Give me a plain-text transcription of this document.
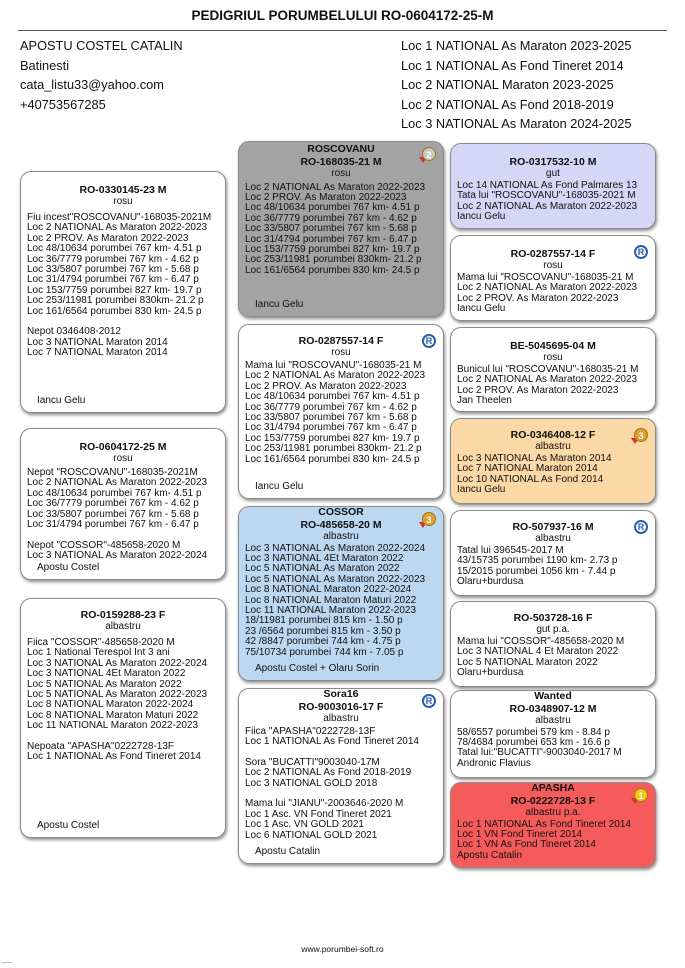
PEDIGRIUL PORUMBELULUI RO-0604172-25-M
APOSTU COSTEL CATALIN
Batinesti
cata_listu33@yahoo.com
+40753567285
Loc 1 NATIONAL As Maraton 2023-2025
Loc 1 NATIONAL As Fond Tineret 2014
Loc 2 NATIONAL Maraton 2023-2025
Loc 2 NATIONAL As Fond 2018-2019
Loc 3 NATIONAL As Maraton 2024-2025
RO-0330145-23 M
rosu
Fiu incest"ROSCOVANU"-168035-2021M
Loc 2 NATIONAL As Maraton 2022-2023
Loc 2 PROV. As Maraton 2022-2023
Loc 48/10634 porumbei 767 km- 4.51 p
Loc 36/7779 porumbei 767 km - 4.62 p
Loc 33/5807 porumbei 767 km - 5.68 p
Loc 31/4794 porumbei 767 km - 6.47 p
Loc 153/7759 porumbei 827 km- 19.7 p
Loc 253/11981 porumbei 830km- 21.2 p
Loc 161/6564 porumbei 830 km- 24.5 p
Nepot 0346408-2012
Loc 3 NATIONAL Maraton 2014
Loc 7 NATIONAL Maraton 2014
Iancu Gelu
RO-0604172-25 M
rosu
Nepot "ROSCOVANU"-168035-2021M
Loc 2 NATIONAL As Maraton 2022-2023
Loc 48/10634 porumbei 767 km- 4.51 p
Loc 36/7779 porumbei 767 km - 4.62 p
Loc 33/5807 porumbei 767 km - 5.68 p
Loc 31/4794 porumbei 767 km - 6.47 p
Nepot "COSSOR"-485658-2020 M
Loc 3 NATIONAL As Maraton 2022-2024
Apostu Costel
RO-0159288-23 F
albastru
Fiica "COSSOR"-485658-2020 M
Loc 1 National Terespol Int 3 ani
Loc 3 NATIONAL As Maraton 2022-2024
Loc 3 NATIONAL 4Et Maraton 2022
Loc 5 NATIONAL As Maraton 2022
Loc 5 NATIONAL As Maraton 2022-2023
Loc 8 NATIONAL Maraton 2022-2024
Loc 8 NATIONAL Maraton Maturi 2022
Loc 11 NATIONAL Maraton 2022-2023
Nepoata "APASHA"0222728-13F
Loc 1 NATIONAL As Fond Tineret 2014
Apostu Costel
ROSCOVANU
RO-168035-21 M
rosu
Loc 2 NATIONAL As Maraton 2022-2023
Loc 2 PROV. As Maraton 2022-2023
Loc 48/10634 porumbei 767 km- 4.51 p
Loc 36/7779 porumbei 767 km - 4.62 p
Loc 33/5807 porumbei 767 km - 5.68 p
Loc 31/4794 porumbei 767 km - 6.47 p
Loc 153/7759 porumbei 827 km- 19.7 p
Loc 253/11981 porumbei 830km- 21.2 p
Loc 161/6564 porumbei 830 km- 24.5 p
Iancu Gelu
RO-0287557-14 F
rosu
Mama lui "ROSCOVANU"-168035-21 M
Loc 2 NATIONAL As Maraton 2022-2023
Loc 2 PROV. As Maraton 2022-2023
Loc 48/10634 porumbei 767 km- 4.51 p
Loc 36/7779 porumbei 767 km - 4.62 p
Loc 33/5807 porumbei 767 km - 5.68 p
Loc 31/4794 porumbei 767 km - 6.47 p
Loc 153/7759 porumbei 827 km- 19.7 p
Loc 253/11981 porumbei 830km- 21.2 p
Loc 161/6564 porumbei 830 km- 24.5 p
Iancu Gelu
COSSOR
RO-485658-20 M
albastru
Loc 3 NATIONAL As Maraton 2022-2024
Loc 3 NATIONAL 4Et Maraton 2022
Loc 5 NATIONAL As Maraton 2022
Loc 5 NATIONAL As Maraton 2022-2023
Loc 8 NATIONAL Maraton 2022-2024
Loc 8 NATIONAL Maraton Maturi 2022
Loc 11 NATIONAL Maraton 2022-2023
18/11981 porumbei 815 km - 1.50 p
23 /6564 porumbei 815 km - 3.50 p
42 /8847 porumbei 744 km - 4.75 p
75/10734 porumbei 744 km - 7.05 p
Apostu Costel + Olaru Sorin
Sora16
RO-9003016-17 F
albastru
Fiica "APASHA"0222728-13F
Loc 1 NATIONAL As Fond Tineret 2014
Sora "BUCATTI"9003040-17M
Loc 2 NATIONAL As Fond 2018-2019
Loc 3 NATIONAL GOLD 2018
Mama lui "JIANU"-2003646-2020 M
Loc 1 Asc. VN Fond Tineret 2021
Loc 1 Asc. VN GOLD 2021
Loc 6 NATIONAL GOLD 2021
Apostu Catalin
RO-0317532-10 M
gut
Loc 14 NATIONAL As Fond Palmares 13
Tata lui "ROSCOVANU"-168035-2021 M
Loc 2 NATIONAL As Maraton 2022-2023
Iancu Gelu
RO-0287557-14 F
rosu
Mama lui "ROSCOVANU"-168035-21 M
Loc 2 NATIONAL As Maraton 2022-2023
Loc 2 PROV. As Maraton 2022-2023
Iancu Gelu
BE-5045695-04 M
rosu
Bunicul lui "ROSCOVANU"-168035-21 M
Loc 2 NATIONAL As Maraton 2022-2023
Loc 2 PROV. As Maraton 2022-2023
Jan Theelen
RO-0346408-12 F
albastru
Loc 3 NATIONAL As Maraton 2014
Loc 7 NATIONAL Maraton 2014
Loc 10 NATIONAL As Fond 2014
Iancu Gelu
RO-507937-16 M
albastru
Tatal lui 396545-2017 M
43/15735 porumbei 1190 km- 2.73 p
15/2015 porumbei 1056 km - 7.44 p
Olaru+burdusa
RO-503728-16 F
gut p.a.
Mama lui "COSSOR"-485658-2020 M
Loc 3 NATIONAL 4 Et Maraton 2022
Loc 5 NATIONAL Maraton 2022
Olaru+burdusa
Wanted
RO-0348907-12 M
albastru
58/6557 porumbei 579 km - 8.84 p
78/4684 porumbei 653 km - 16.6 p
Tatal lui:"BUCATTI"-9003040-2017 M
Andronic Flavius
APASHA
RO-0222728-13 F
albastru p.a.
Loc 1 NATIONAL As Fond Tineret 2014
Loc 1 VN Fond Tineret 2014
Loc 1 VN As Fond Tineret 2014
Apostu Catalin
www.porumbei-soft.ro
-----
2
R
3
R
R
3
R
1
